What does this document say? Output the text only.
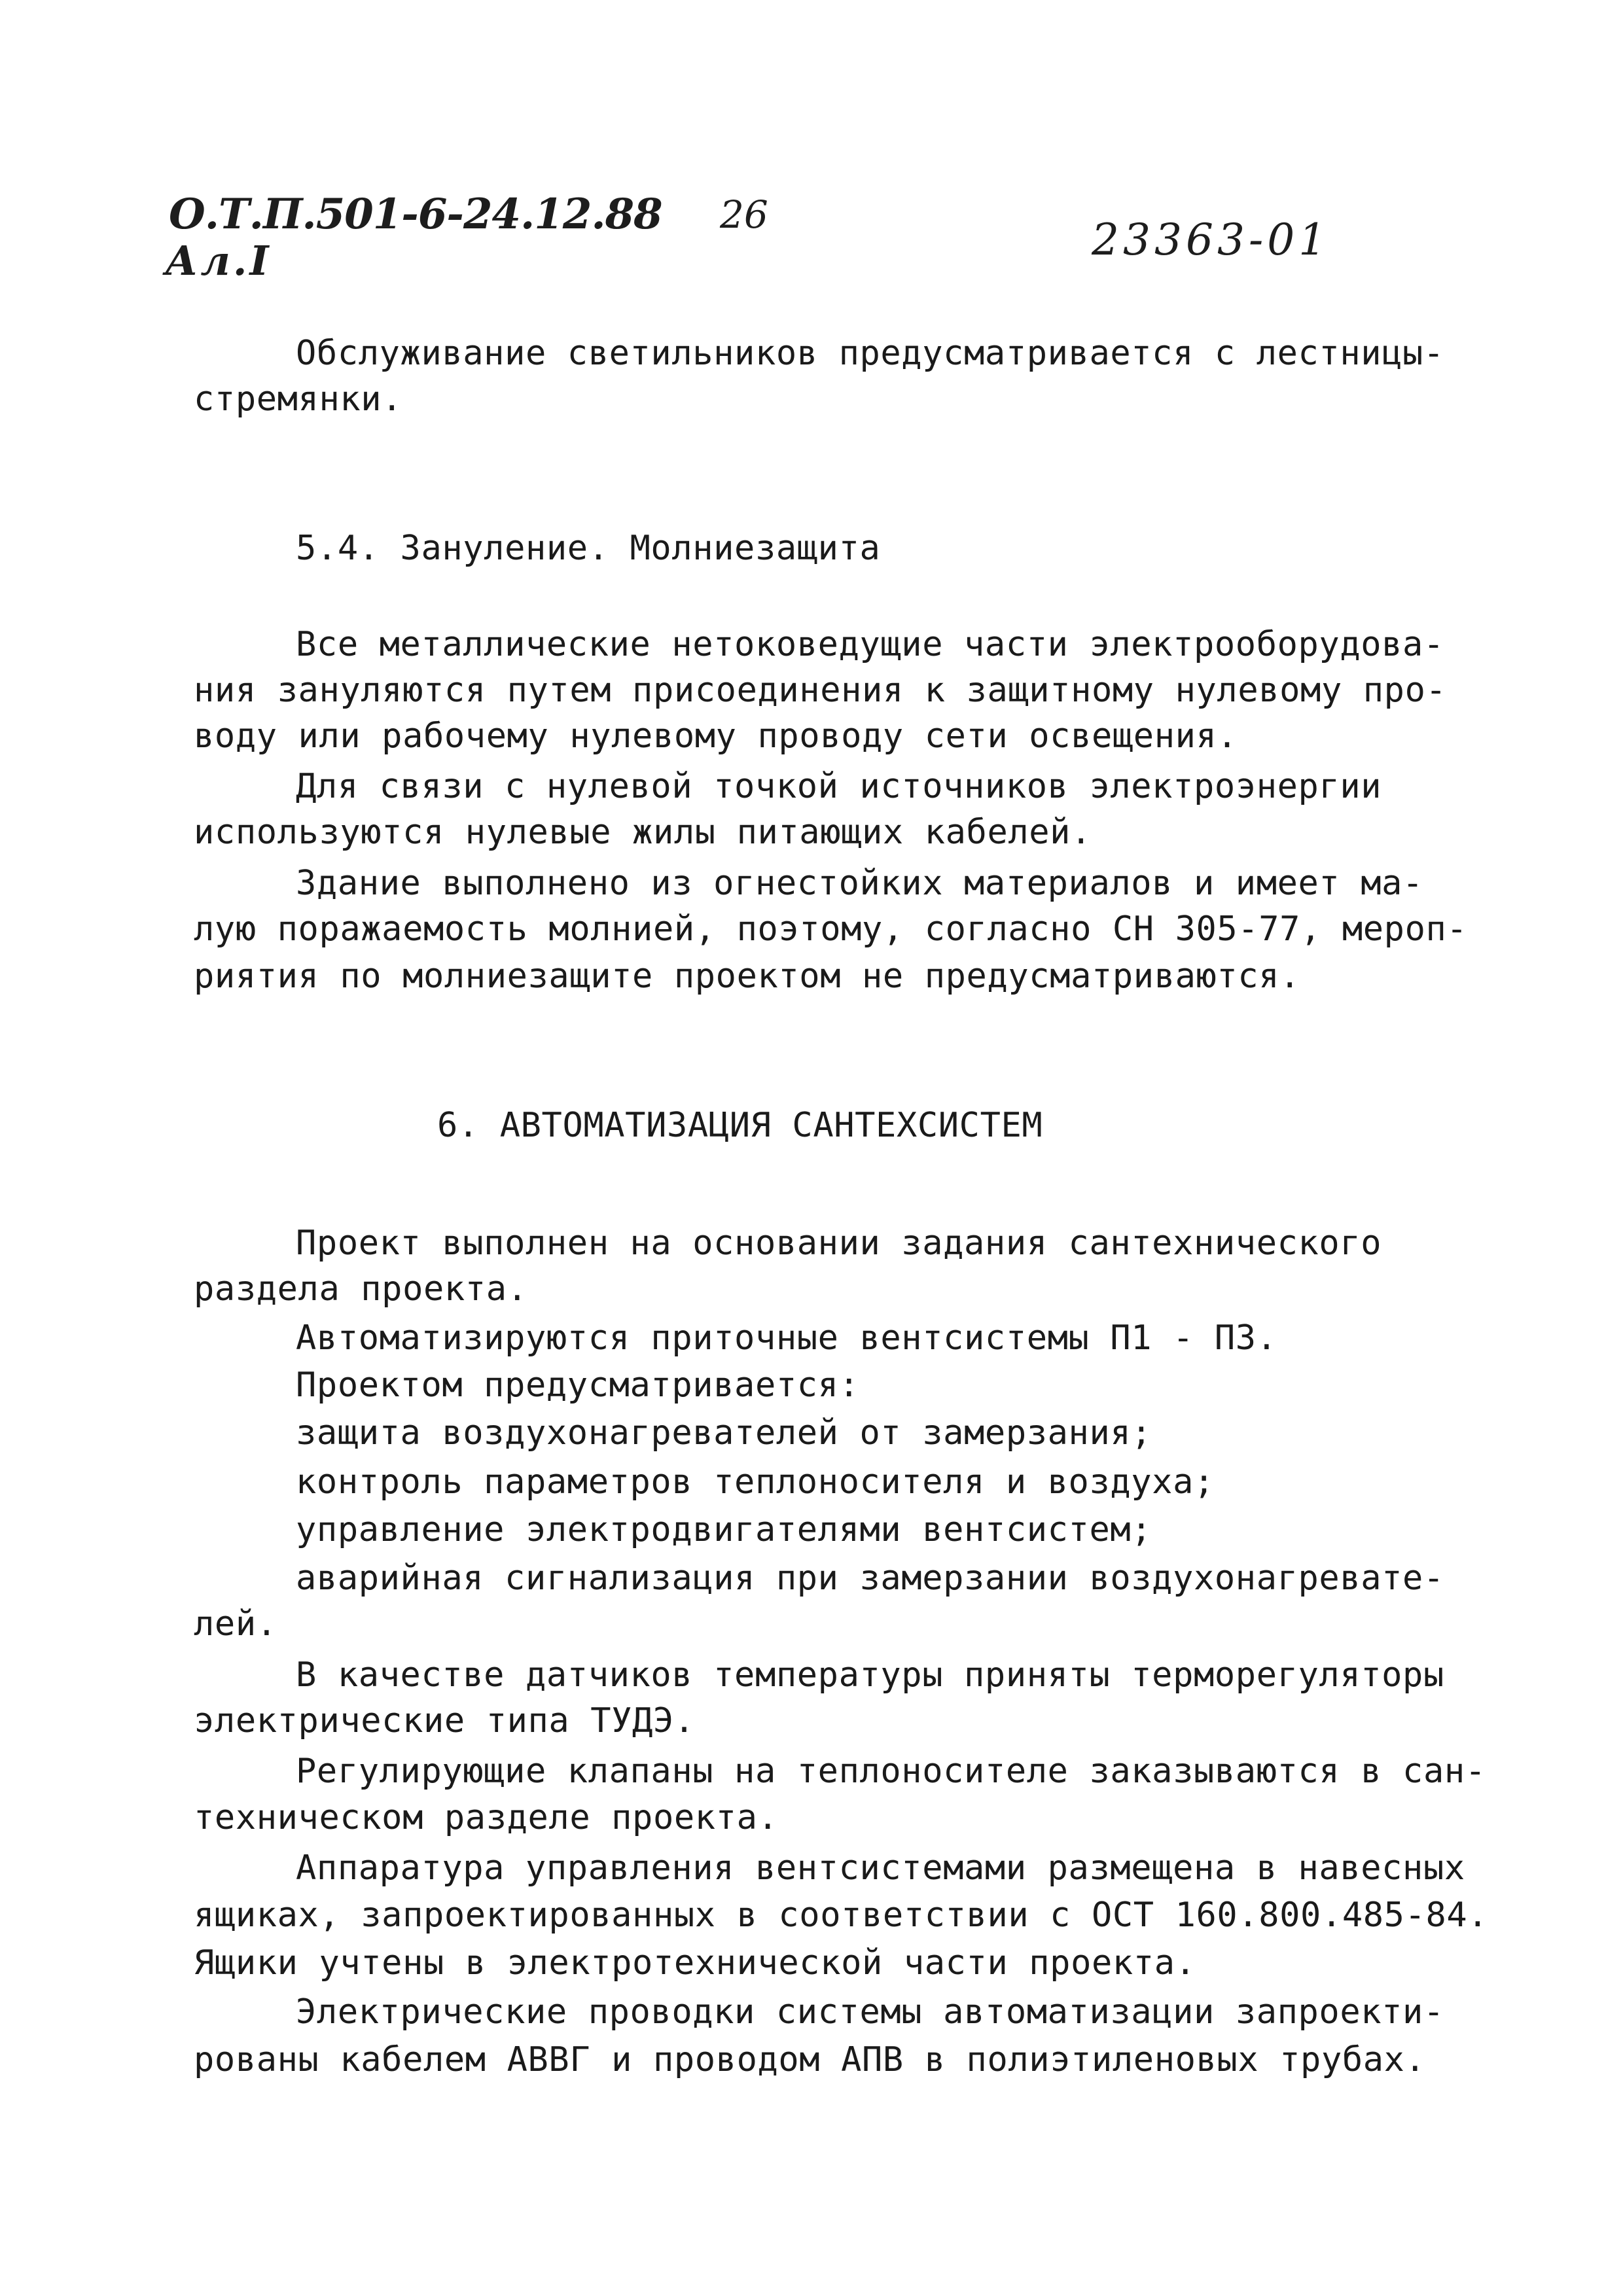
О.Т.П.501-6-24.12.88
Ал.I
26	23363-01
Обслуживание светильников предусматривается с лестницы-
стремянки.
5.4. Зануление. Молниезащита
Все металлические нетоковедущие части электрооборудова-
ния зануляются путем присоединения к защитному нулевому про-
воду или рабочему нулевому проводу сети освещения.
Для связи с нулевой точкой источников электроэнергии
используются нулевые жилы питающих кабелей.
Здание выполнено из огнестойких материалов и имеет ма-
лую поражаемость молнией, поэтому, согласно СН 305-77, мероп-
риятия по молниезащите проектом не предусматриваются.
6. АВТОМАТИЗАЦИЯ САНТЕХСИСТЕМ
Проект выполнен на основании задания сантехнического
раздела проекта.
Автоматизируются приточные вентсистемы П1 - П3.
Проектом предусматривается:
защита воздухонагревателей от замерзания;
контроль параметров теплоносителя и воздуха;
управление электродвигателями вентсистем;
аварийная сигнализация при замерзании воздухонагревате-
лей.
В качестве датчиков температуры приняты терморегуляторы
электрические типа ТУДЭ.
Регулирующие клапаны на теплоносителе заказываются в сан-
техническом разделе проекта.
Аппаратура управления вентсистемами размещена в навесных
ящиках, запроектированных в соответствии с ОСТ 160.800.485-84.
Ящики учтены в электротехнической части проекта.
Электрические проводки системы автоматизации запроекти-
рованы кабелем АВВГ и проводом АПВ в полиэтиленовых трубах.
